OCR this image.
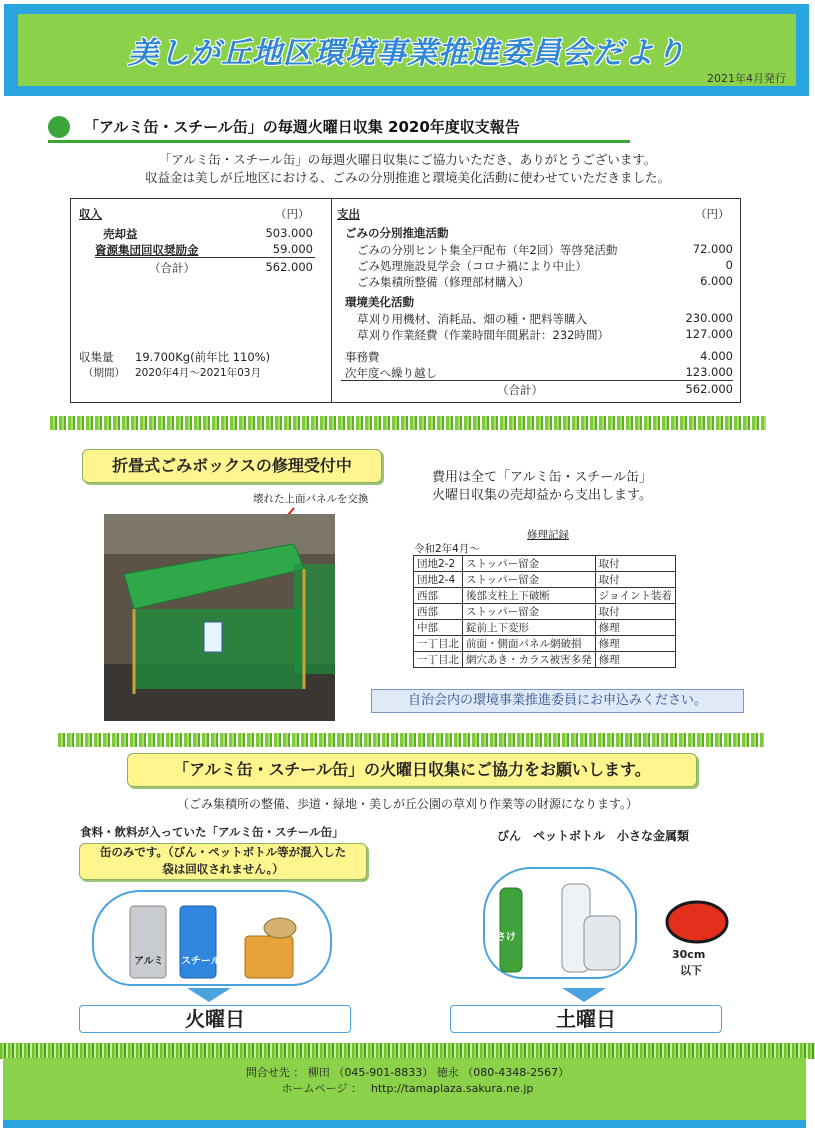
美しが丘地区環境事業推進委員会だより
2021年4月発行
「アルミ缶・スチール缶」の毎週火曜日収集 2020年度収支報告
「アルミ缶・スチール缶」の毎週火曜日収集にご協力いただき、ありがとうございます。
収益金は美しが丘地区における、ごみの分別推進と環境美化活動に使わせていただきました。
収入	（円）
売却益	503.000
資源集団回収奨励金	59.000
（合計）	562.000
収集量 19.700Kg(前年比 110%)
（期間） 2020年4月～2021年03月
支出	（円）
ごみの分別推進活動
ごみの分別ヒント集全戸配布（年2回）等啓発活動	72.000
ごみ処理施設見学会（コロナ禍により中止）	0
ごみ集積所整備（修理部材購入）	6.000
環境美化活動
草刈り用機材、消耗品、畑の種・肥料等購入	230.000
草刈り作業経費（作業時間年間累計：232時間）	127.000
事務費	4.000
次年度へ繰り越し	123.000
（合計）	562.000
折畳式ごみボックスの修理受付中
費用は全て「アルミ缶・スチール缶」
火曜日収集の売却益から支出します。
壊れた上面パネルを交換
修理記録
令和2年4月～
団地2-2	ストッパー留金	取付
団地2-4	ストッパー留金	取付
西部	後部支柱上下破断	ジョイント装着
西部	ストッパー留金	取付
中部	錠前上下変形	修理
一丁目北	前面・側面パネル網破損	修理
一丁目北	網穴あき・カラス被害多発	修理
自治会内の環境事業推進委員にお申込みください。
「アルミ缶・スチール缶」の火曜日収集にご協力をお願いします。
（ごみ集積所の整備、歩道・緑地・美しが丘公園の草刈り作業等の財源になります。）
食料・飲料が入っていた「アルミ缶・スチール缶」
缶のみです。（びん・ペットボトル等が混入した
袋は回収されません。）
アルミ スチール
火曜日
びん　ペットボトル　小さな金属類
さけ
30cm
以下
土曜日
問合せ先 ： 柳田 （045-901-8833） 徳永 （080-4348-2567）
ホームページ ：　 http://tamaplaza.sakura.ne.jp
